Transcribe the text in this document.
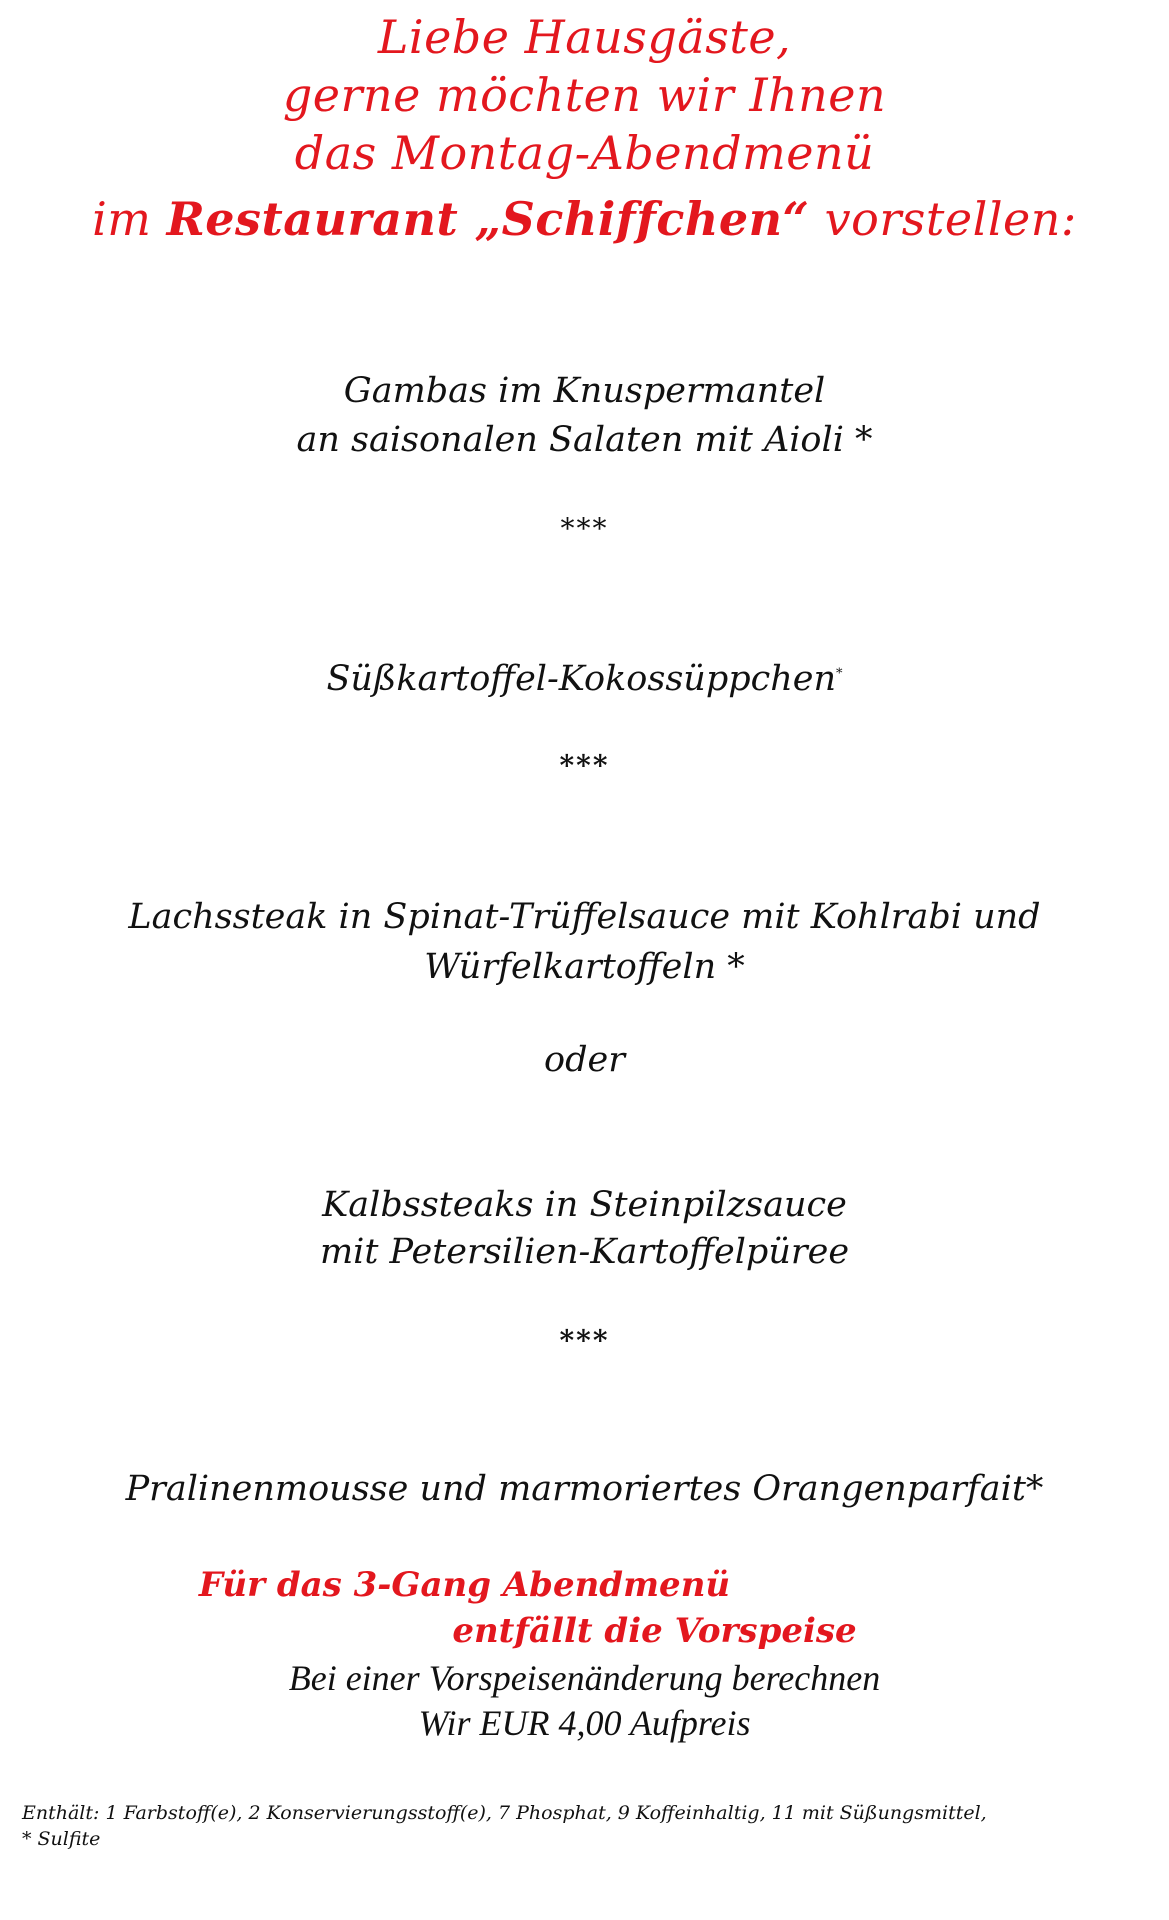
Liebe Hausgäste,
gerne möchten wir Ihnen
das Montag-Abendmenü
im Restaurant „Schiffchen“ vorstellen:
Gambas im Knuspermantel
an saisonalen Salaten mit Aioli *
***
Süßkartoffel-Kokossüppchen*
***
Lachssteak in Spinat-Trüffelsauce mit Kohlrabi und
Würfelkartoffeln *
oder
Kalbssteaks in Steinpilzsauce
mit Petersilien-Kartoffelpüree
***
Pralinenmousse und marmoriertes Orangenparfait*
Für das 3-Gang Abendmenü
entfällt die Vorspeise
Bei einer Vorspeisenänderung berechnen
Wir EUR 4,00 Aufpreis
Enthält: 1 Farbstoff(e), 2 Konservierungsstoff(e), 7 Phosphat, 9 Koffeinhaltig, 11 mit Süßungsmittel,
* Sulfite
